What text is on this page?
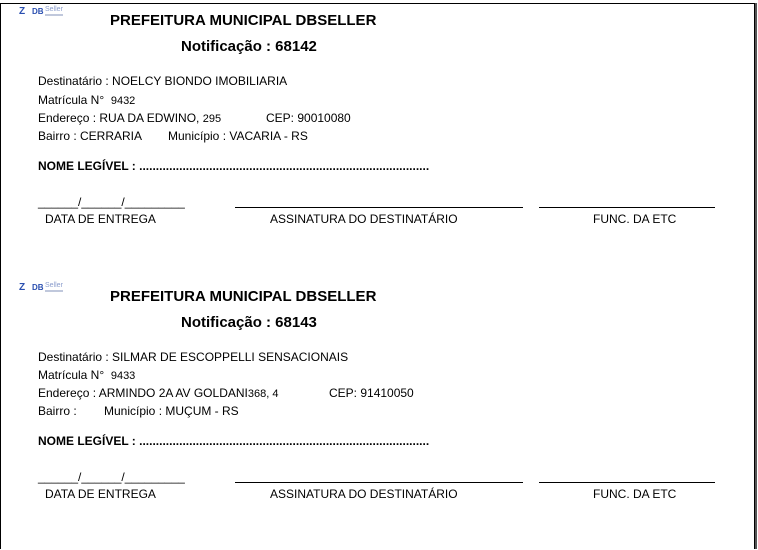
Z DB Seller
PREFEITURA MUNICIPAL DBSELLER
Notificação : 68142
Destinatário : NOELCY BIONDO IMOBILIARIA
Matrícula N° 9432
Endereço : RUA DA EDWINO, 295	CEP: 90010080
Bairro : CERRARIA Município : VACARIA - RS
NOME LEGÍVEL : .......................................................................................
______/______/_________
DATA DE ENTREGA	ASSINATURA DO DESTINATÁRIO	FUNC. DA ETC
Z DB Seller
PREFEITURA MUNICIPAL DBSELLER
Notificação : 68143
Destinatário : SILMAR DE ESCOPPELLI SENSACIONAIS
Matrícula N° 9433
Endereço : ARMINDO 2A AV GOLDANI368, 4	CEP: 91410050
Bairro : Município : MUÇUM - RS
NOME LEGÍVEL : .......................................................................................
______/______/_________
DATA DE ENTREGA	ASSINATURA DO DESTINATÁRIO	FUNC. DA ETC
